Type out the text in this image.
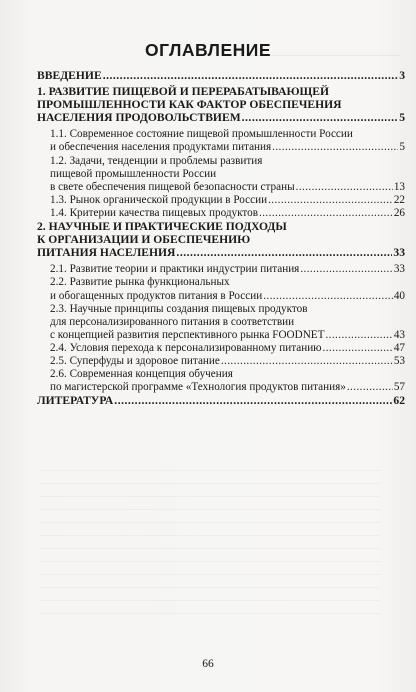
ОГЛАВЛЕНИЕ
ВВЕДЕНИЕ . . .	3
1. РАЗВИТИЕ ПИЩЕВОЙ И ПЕРЕРАБАТЫВАЮЩЕЙ
ПРОМЫШЛЕННОСТИ КАК ФАКТОР ОБЕСПЕЧЕНИЯ
НАСЕЛЕНИЯ ПРОДОВОЛЬСТВИЕМ . . .	5
1.1. Современное состояние пищевой промышленности России
и обеспечения населения продуктами питания . . .	5
1.2. Задачи, тенденции и проблемы развития
пищевой промышленности России
в свете обеспечения пищевой безопасности страны . . .	13
1.3. Рынок органической продукции в России . . .	22
1.4. Критерии качества пищевых продуктов . . .	26
2. НАУЧНЫЕ И ПРАКТИЧЕСКИЕ ПОДХОДЫ
К ОРГАНИЗАЦИИ И ОБЕСПЕЧЕНИЮ
ПИТАНИЯ НАСЕЛЕНИЯ . . .	33
2.1. Развитие теории и практики индустрии питания . . .	33
2.2. Развитие рынка функциональных
и обогащенных продуктов питания в России . . .	40
2.3. Научные принципы создания пищевых продуктов
для персонализированного питания в соответствии
с концепцией развития перспективного рынка FOODNET . . .	43
2.4. Условия перехода к персонализированному питанию . . .	47
2.5. Суперфуды и здоровое питание . . .	53
2.6. Современная концепция обучения
по магистерской программе «Технология продуктов питания» . . .	57
ЛИТЕРАТУРА . . .	62
66
